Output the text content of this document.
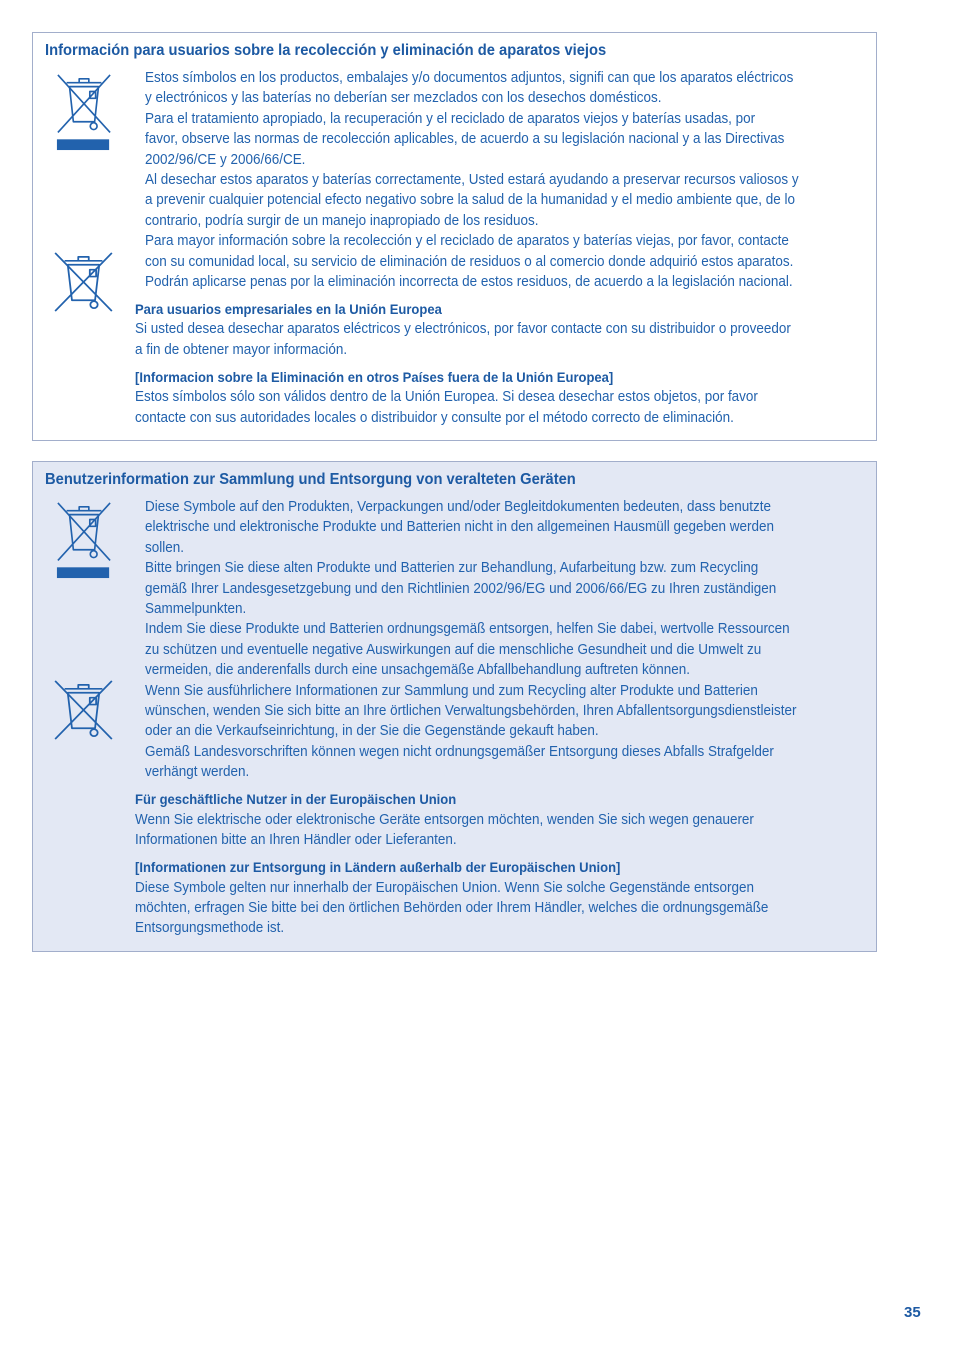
Información para usuarios sobre la recolección y eliminación de aparatos viejos
Estos símbolos en los productos, embalajes y/o documentos adjuntos, signifi can que los aparatos eléctricos
y electrónicos y las baterías no deberían ser mezclados con los desechos domésticos.
Para el tratamiento apropiado, la recuperación y el reciclado de aparatos viejos y baterías usadas, por
favor, observe las normas de recolección aplicables, de acuerdo a su legislación nacional y a las Directivas
2002/96/CE y 2006/66/CE.
Al desechar estos aparatos y baterías correctamente, Usted estará ayudando a preservar recursos valiosos y
a prevenir cualquier potencial efecto negativo sobre la salud de la humanidad y el medio ambiente que, de lo
contrario, podría surgir de un manejo inapropiado de los residuos.
Para mayor información sobre la recolección y el reciclado de aparatos y baterías viejas, por favor, contacte
con su comunidad local, su servicio de eliminación de residuos o al comercio donde adquirió estos aparatos.
Podrán aplicarse penas por la eliminación incorrecta de estos residuos, de acuerdo a la legislación nacional.
Para usuarios empresariales en la Unión Europea
Si usted desea desechar aparatos eléctricos y electrónicos, por favor contacte con su distribuidor o proveedor
a fin de obtener mayor información.
[Informacion sobre la Eliminación en otros Países fuera de la Unión Europea]
Estos símbolos sólo son válidos dentro de la Unión Europea. Si desea desechar estos objetos, por favor
contacte con sus autoridades locales o distribuidor y consulte por el método correcto de eliminación.
Benutzerinformation zur Sammlung und Entsorgung von veralteten Geräten
Diese Symbole auf den Produkten, Verpackungen und/oder Begleitdokumenten bedeuten, dass benutzte
elektrische und elektronische Produkte und Batterien nicht in den allgemeinen Hausmüll gegeben werden
sollen.
Bitte bringen Sie diese alten Produkte und Batterien zur Behandlung, Aufarbeitung bzw. zum Recycling
gemäß Ihrer Landesgesetzgebung und den Richtlinien 2002/96/EG und 2006/66/EG zu Ihren zuständigen
Sammelpunkten.
Indem Sie diese Produkte und Batterien ordnungsgemäß entsorgen, helfen Sie dabei, wertvolle Ressourcen
zu schützen und eventuelle negative Auswirkungen auf die menschliche Gesundheit und die Umwelt zu
vermeiden, die anderenfalls durch eine unsachgemäße Abfallbehandlung auftreten können.
Wenn Sie ausführlichere Informationen zur Sammlung und zum Recycling alter Produkte und Batterien
wünschen, wenden Sie sich bitte an Ihre örtlichen Verwaltungsbehörden, Ihren Abfallentsorgungsdienstleister
oder an die Verkaufseinrichtung, in der Sie die Gegenstände gekauft haben.
Gemäß Landesvorschriften können wegen nicht ordnungsgemäßer Entsorgung dieses Abfalls Strafgelder
verhängt werden.
Für geschäftliche Nutzer in der Europäischen Union
Wenn Sie elektrische oder elektronische Geräte entsorgen möchten, wenden Sie sich wegen genauerer
Informationen bitte an Ihren Händler oder Lieferanten.
[Informationen zur Entsorgung in Ländern außerhalb der Europäischen Union]
Diese Symbole gelten nur innerhalb der Europäischen Union. Wenn Sie solche Gegenstände entsorgen
möchten, erfragen Sie bitte bei den örtlichen Behörden oder Ihrem Händler, welches die ordnungsgemäße
Entsorgungsmethode ist.
35
